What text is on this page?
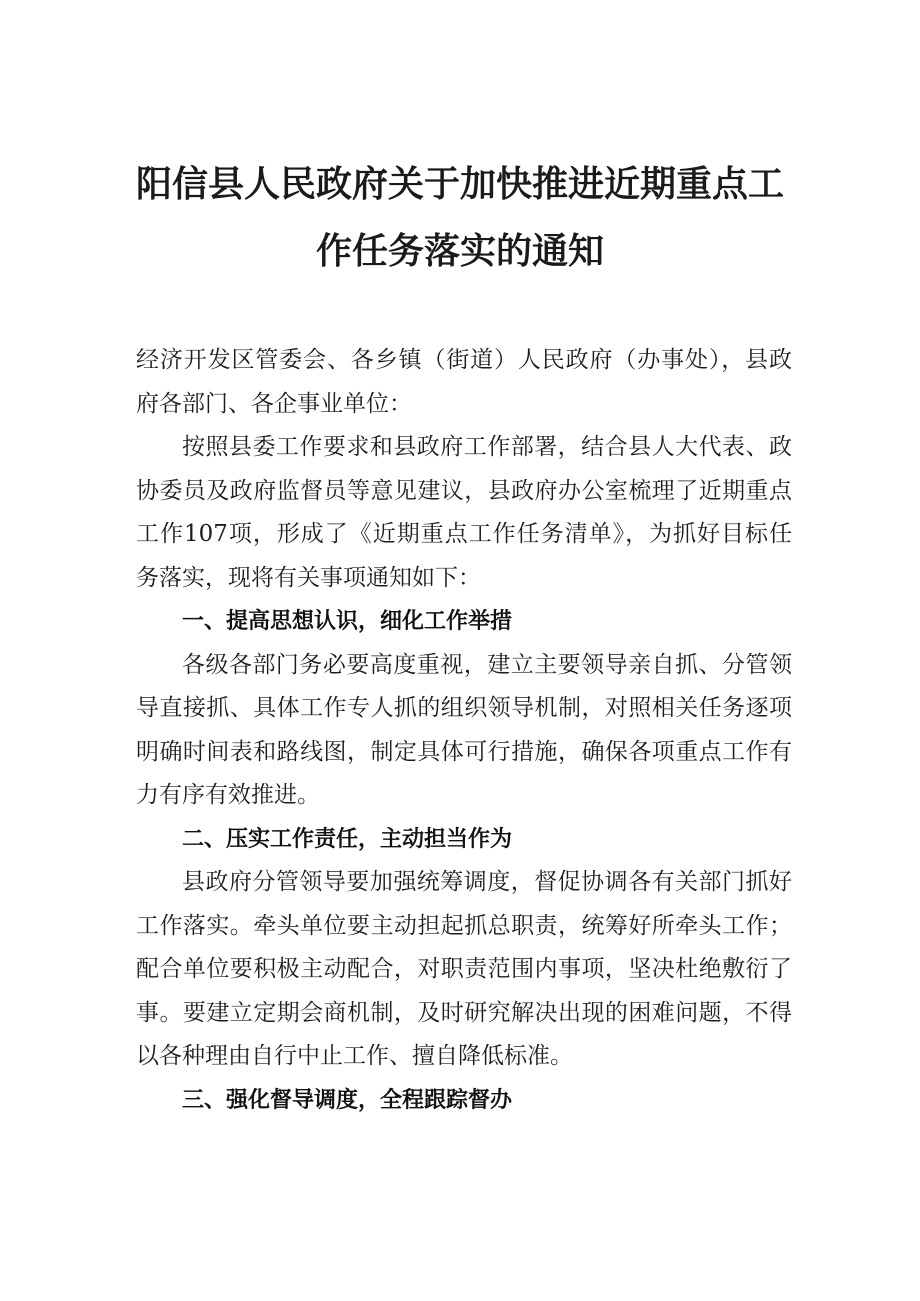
阳信县人民政府关于加快推进近期重点工
作任务落实的通知
经济开发区管委会、各乡镇（街道）人民政府（办事处），县政
府各部门、各企事业单位：
按照县委工作要求和县政府工作部署，结合县人大代表、政
协委员及政府监督员等意见建议，县政府办公室梳理了近期重点
工作107项，形成了《近期重点工作任务清单》，为抓好目标任
务落实，现将有关事项通知如下：
一、提高思想认识，细化工作举措
各级各部门务必要高度重视，建立主要领导亲自抓、分管领
导直接抓、具体工作专人抓的组织领导机制，对照相关任务逐项
明确时间表和路线图，制定具体可行措施，确保各项重点工作有
力有序有效推进。
二、压实工作责任，主动担当作为
县政府分管领导要加强统筹调度，督促协调各有关部门抓好
工作落实。牵头单位要主动担起抓总职责，统筹好所牵头工作；
配合单位要积极主动配合，对职责范围内事项，坚决杜绝敷衍了
事。要建立定期会商机制，及时研究解决出现的困难问题，不得
以各种理由自行中止工作、擅自降低标准。
三、强化督导调度，全程跟踪督办
